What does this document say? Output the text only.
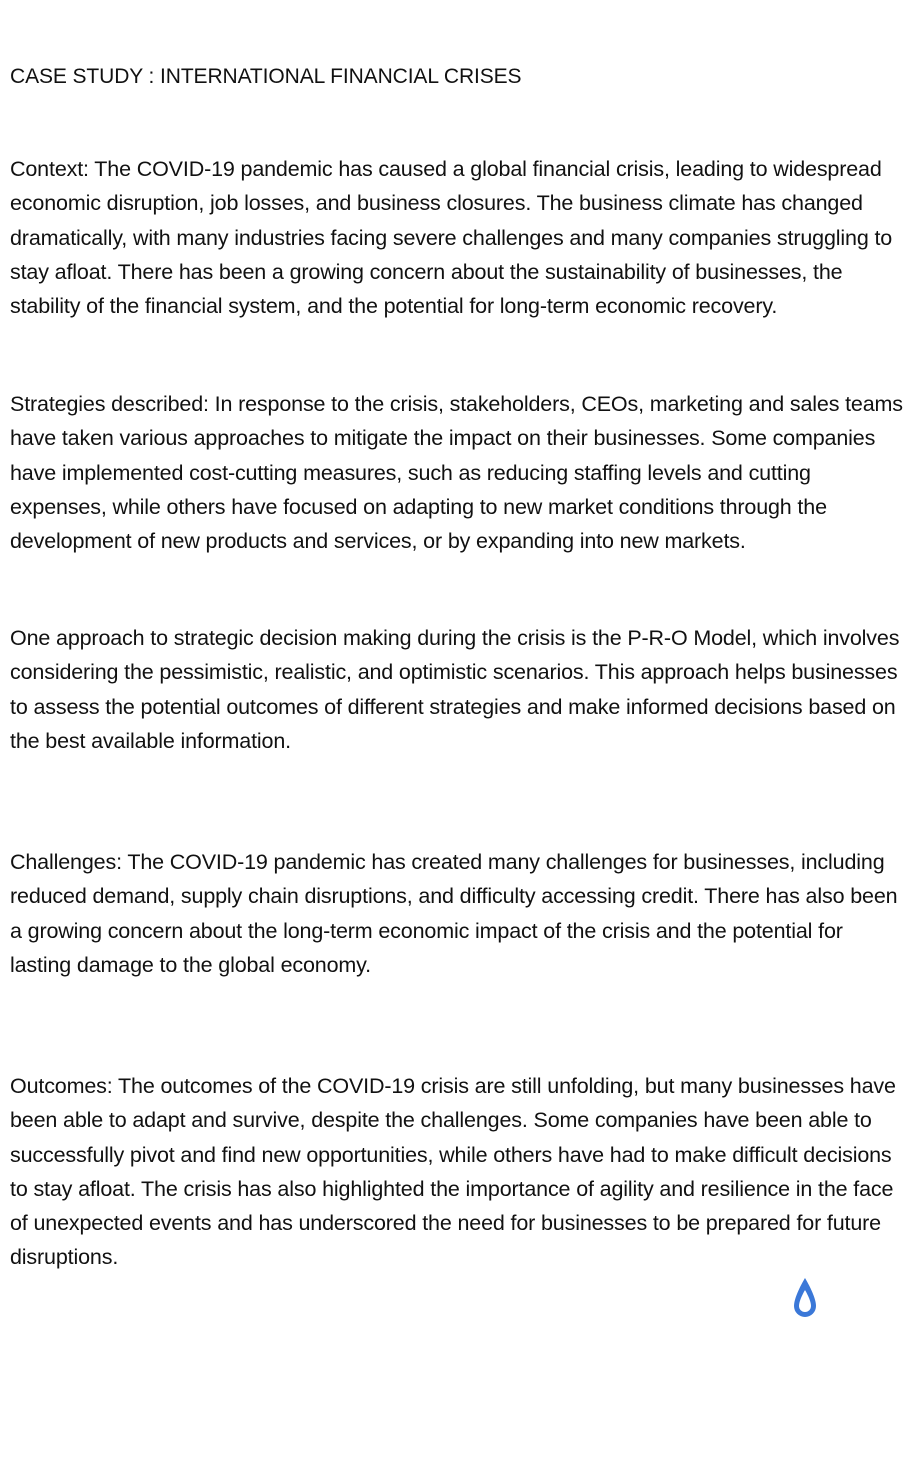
CASE STUDY : INTERNATIONAL FINANCIAL CRISES

Context: The COVID-19 pandemic has caused a global financial crisis, leading to widespread economic disruption, job losses, and business closures. The business climate has changed dramatically, with many industries facing severe challenges and many companies struggling to stay afloat. There has been a growing concern about the sustainability of businesses, the stability of the financial system, and the potential for long-term economic recovery.

Strategies described: In response to the crisis, stakeholders, CEOs, marketing and sales teams have taken various approaches to mitigate the impact on their businesses. Some companies have implemented cost-cutting measures, such as reducing staffing levels and cutting expenses, while others have focused on adapting to new market conditions through the development of new products and services, or by expanding into new markets.

One approach to strategic decision making during the crisis is the P-R-O Model, which involves considering the pessimistic, realistic, and optimistic scenarios. This approach helps businesses to assess the potential outcomes of different strategies and make informed decisions based on the best available information.

Challenges: The COVID-19 pandemic has created many challenges for businesses, including reduced demand, supply chain disruptions, and difficulty accessing credit. There has also been a growing concern about the long-term economic impact of the crisis and the potential for lasting damage to the global economy.

Outcomes: The outcomes of the COVID-19 crisis are still unfolding, but many businesses have been able to adapt and survive, despite the challenges. Some companies have been able to successfully pivot and find new opportunities, while others have had to make difficult decisions to stay afloat. The crisis has also highlighted the importance of agility and resilience in the face of unexpected events and has underscored the need for businesses to be prepared for future disruptions.
